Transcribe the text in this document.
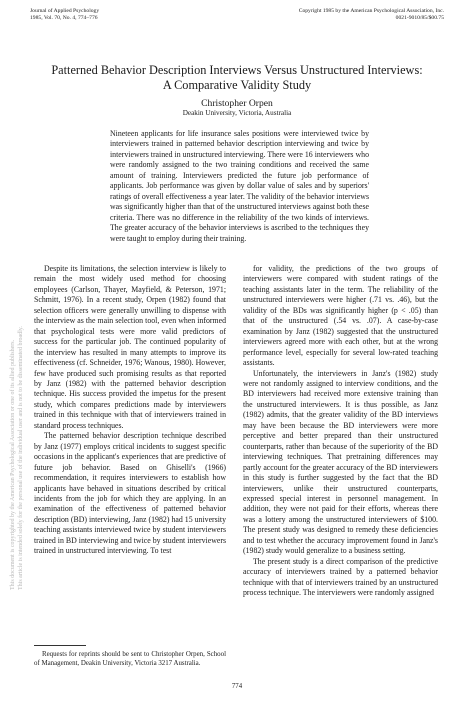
Journal of Applied Psychology
1985, Vol. 70, No. 4, 774–776
Copyright 1985 by the American Psychological Association, Inc.
0021-9010/85/$00.75
Patterned Behavior Description Interviews Versus Unstructured Interviews:
A Comparative Validity Study
Christopher Orpen
Deakin University, Victoria, Australia

Nineteen applicants for life insurance sales positions were interviewed twice by interviewers trained in patterned behavior description interviewing and twice by interviewers trained in unstructured interviewing. There were 16 interviewers who were randomly assigned to the two training conditions and received the same amount of training. Interviewers predicted the future job performance of applicants. Job performance was given by dollar value of sales and by superiors' ratings of overall effectiveness a year later. The validity of the behavior interviews was significantly higher than that of the unstructured interviews against both these criteria. There was no difference in the reliability of the two kinds of interviews. The greater accuracy of the behavior interviews is ascribed to the techniques they were taught to employ during their training.

Despite its limitations, the selection interview is likely to remain the most widely used method for choosing employees (Carlson, Thayer, Mayfield, & Peterson, 1971; Schmitt, 1976). In a recent study, Orpen (1982) found that selection officers were generally unwilling to dispense with the interview as the main selection tool, even when informed that psychological tests were more valid predictors of success for the particular job. The continued popularity of the interview has resulted in many attempts to improve its effectiveness (cf. Schneider, 1976; Wanous, 1980). However, few have produced such promising results as that reported by Janz (1982) with the patterned behavior description technique. His success provided the impetus for the present study, which compares predictions made by interviewers trained in this technique with that of interviewers trained in standard process techniques.

The patterned behavior description technique described by Janz (1977) employs critical incidents to suggest specific occasions in the applicant's experiences that are predictive of future job behavior. Based on Ghiselli's (1966) recommendation, it requires interviewers to establish how applicants have behaved in situations described by critical incidents from the job for which they are applying. In an examination of the effectiveness of patterned behavior description (BD) interviewing, Janz (1982) had 15 university teaching assistants interviewed twice by student interviewers trained in BD interviewing and twice by student interviewers trained in unstructured interviewing. To test

for validity, the predictions of the two groups of interviewers were compared with student ratings of the teaching assistants later in the term. The reliability of the unstructured interviewers were higher (.71 vs. .46), but the validity of the BDs was significantly higher (p < .05) than that of the unstructured (.54 vs. .07). A case-by-case examination by Janz (1982) suggested that the unstructured interviewers agreed more with each other, but at the wrong performance level, especially for several low-rated teaching assistants.

Unfortunately, the interviewers in Janz's (1982) study were not randomly assigned to interview conditions, and the BD interviewers had received more extensive training than the unstructured interviewers. It is thus possible, as Janz (1982) admits, that the greater validity of the BD interviews may have been because the BD interviewers were more perceptive and better prepared than their unstructured counterparts, rather than because of the superiority of the BD interviewing techniques. That pretraining differences may partly account for the greater accuracy of the BD interviewers in this study is further suggested by the fact that the BD interviewers, unlike their unstructured counterparts, expressed special interest in personnel management. In addition, they were not paid for their efforts, whereas there was a lottery among the unstructured interviewers of $100. The present study was designed to remedy these deficiencies and to test whether the accuracy improvement found in Janz's (1982) study would generalize to a business setting.

The present study is a direct comparison of the predictive accuracy of interviewers trained by a patterned behavior technique with that of interviewers trained by an unstructured process technique. The interviewers were randomly assigned

Requests for reprints should be sent to Christopher Orpen, School of Management, Deakin University, Victoria 3217 Australia.

774
This document is copyrighted by the American Psychological Association or one of its allied publishers. This article is intended solely for the personal use of the individual user and is not to be disseminated broadly.
